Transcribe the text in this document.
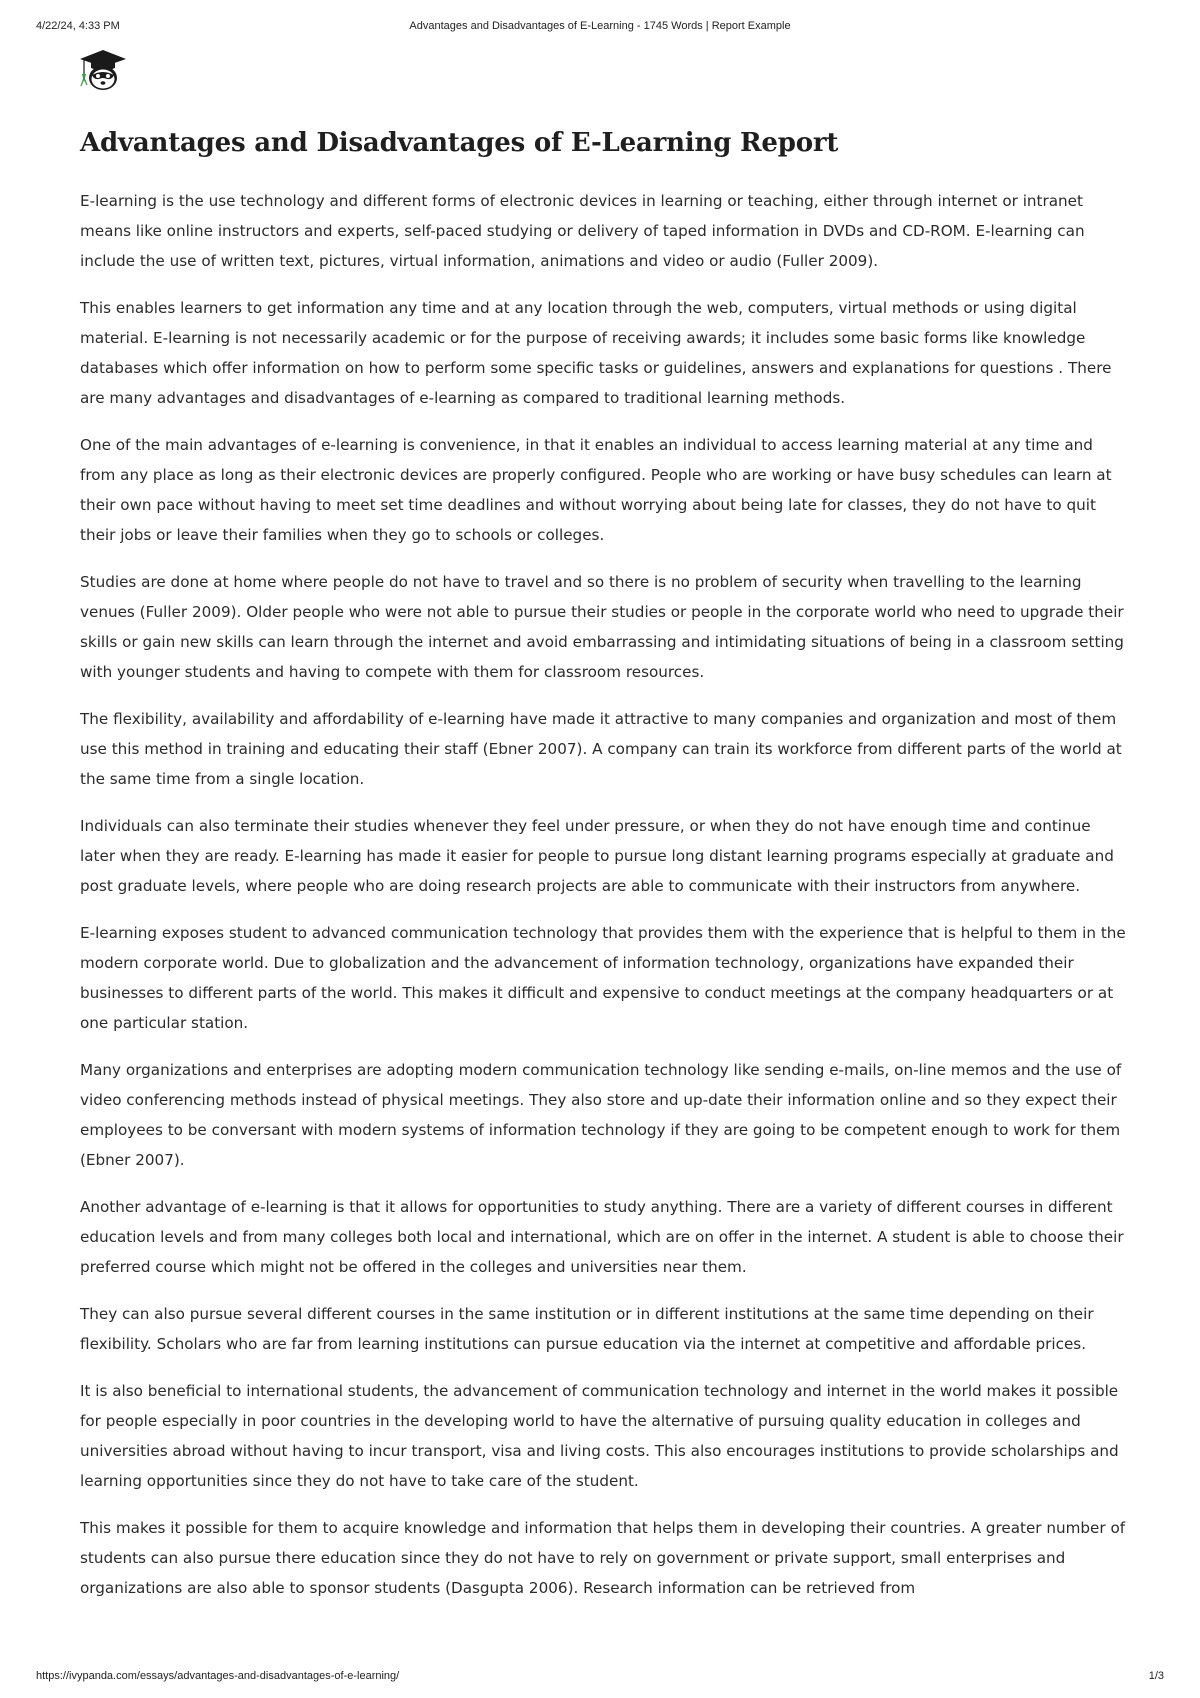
4/22/24, 4:33 PM	Advantages and Disadvantages of E-Learning - 1745 Words | Report Example
Advantages and Disadvantages of E-Learning Report

E-learning is the use technology and different forms of electronic devices in learning or teaching, either through internet or intranet means like online instructors and experts, self-paced studying or delivery of taped information in DVDs and CD-ROM. E-learning can include the use of written text, pictures, virtual information, animations and video or audio (Fuller 2009).

This enables learners to get information any time and at any location through the web, computers, virtual methods or using digital material. E-learning is not necessarily academic or for the purpose of receiving awards; it includes some basic forms like knowledge databases which offer information on how to perform some specific tasks or guidelines, answers and explanations for questions . There are many advantages and disadvantages of e-learning as compared to traditional learning methods.

One of the main advantages of e-learning is convenience, in that it enables an individual to access learning material at any time and from any place as long as their electronic devices are properly configured. People who are working or have busy schedules can learn at their own pace without having to meet set time deadlines and without worrying about being late for classes, they do not have to quit their jobs or leave their families when they go to schools or colleges.

Studies are done at home where people do not have to travel and so there is no problem of security when travelling to the learning venues (Fuller 2009). Older people who were not able to pursue their studies or people in the corporate world who need to upgrade their skills or gain new skills can learn through the internet and avoid embarrassing and intimidating situations of being in a classroom setting with younger students and having to compete with them for classroom resources.

The flexibility, availability and affordability of e-learning have made it attractive to many companies and organization and most of them use this method in training and educating their staff (Ebner 2007). A company can train its workforce from different parts of the world at the same time from a single location.

Individuals can also terminate their studies whenever they feel under pressure, or when they do not have enough time and continue later when they are ready. E-learning has made it easier for people to pursue long distant learning programs especially at graduate and post graduate levels, where people who are doing research projects are able to communicate with their instructors from anywhere.

E-learning exposes student to advanced communication technology that provides them with the experience that is helpful to them in the modern corporate world. Due to globalization and the advancement of information technology, organizations have expanded their businesses to different parts of the world. This makes it difficult and expensive to conduct meetings at the company headquarters or at one particular station.

Many organizations and enterprises are adopting modern communication technology like sending e-mails, on-line memos and the use of video conferencing methods instead of physical meetings. They also store and up-date their information online and so they expect their employees to be conversant with modern systems of information technology if they are going to be competent enough to work for them (Ebner 2007).

Another advantage of e-learning is that it allows for opportunities to study anything. There are a variety of different courses in different education levels and from many colleges both local and international, which are on offer in the internet. A student is able to choose their preferred course which might not be offered in the colleges and universities near them.

They can also pursue several different courses in the same institution or in different institutions at the same time depending on their flexibility. Scholars who are far from learning institutions can pursue education via the internet at competitive and affordable prices.

It is also beneficial to international students, the advancement of communication technology and internet in the world makes it possible for people especially in poor countries in the developing world to have the alternative of pursuing quality education in colleges and universities abroad without having to incur transport, visa and living costs. This also encourages institutions to provide scholarships and learning opportunities since they do not have to take care of the student.

This makes it possible for them to acquire knowledge and information that helps them in developing their countries. A greater number of students can also pursue there education since they do not have to rely on government or private support, small enterprises and organizations are also able to sponsor students (Dasgupta 2006). Research information can be retrieved from

https://ivypanda.com/essays/advantages-and-disadvantages-of-e-learning/	1/3
